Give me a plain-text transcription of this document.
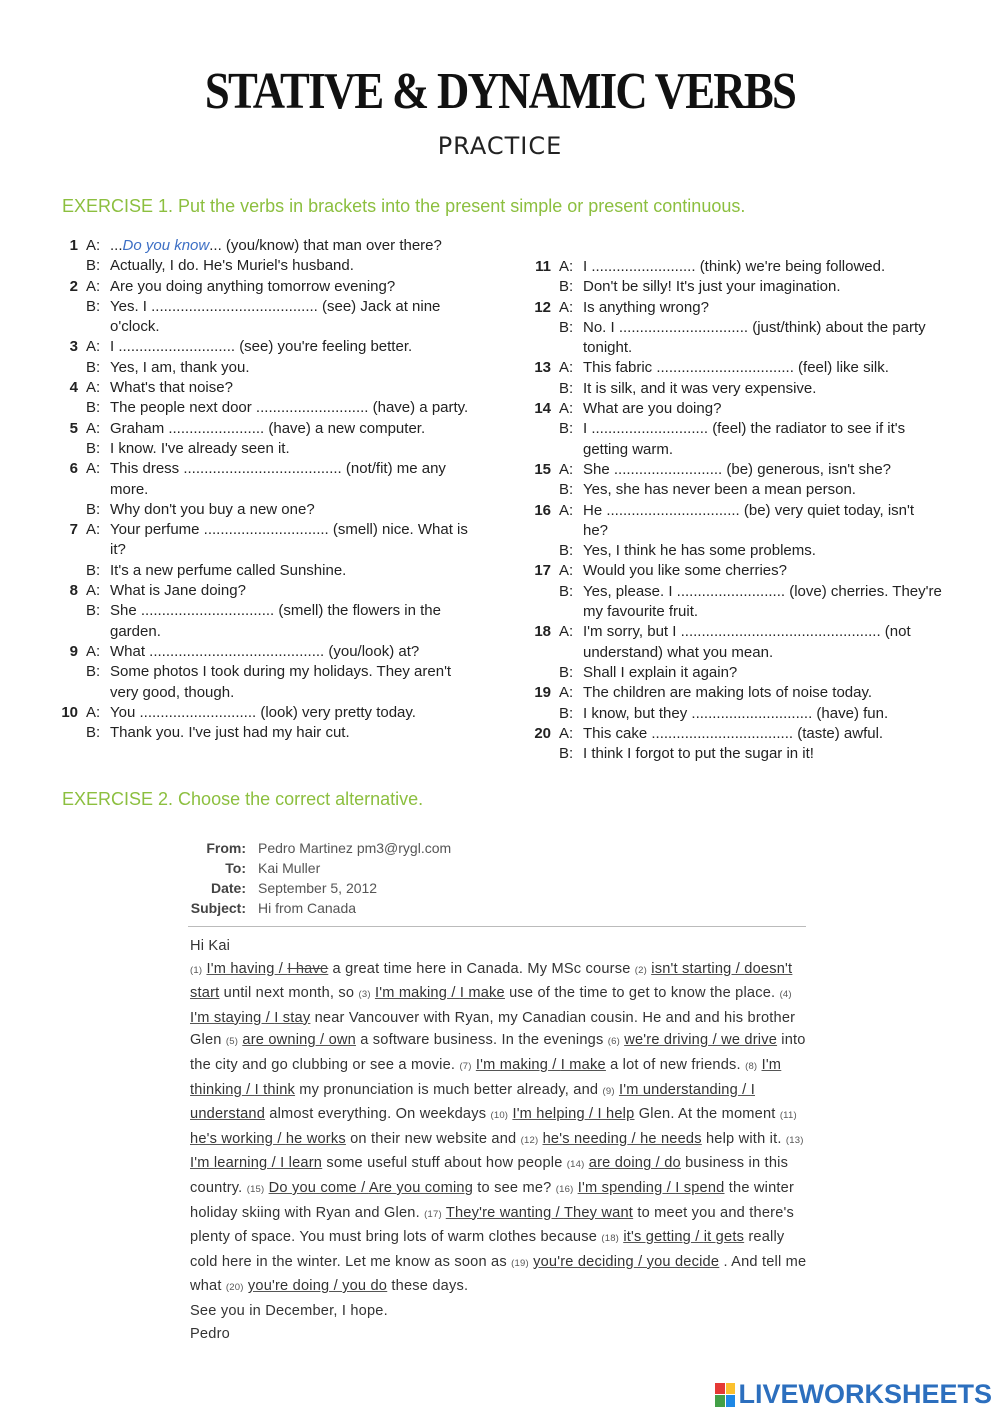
STATIVE & DYNAMIC VERBS
PRACTICE
EXERCISE 1. Put the verbs in brackets into the present simple or present continuous.
1 A: ...Do you know... (you/know) that man over there?
B: Actually, I do. He's Muriel's husband.
2 A: Are you doing anything tomorrow evening?
B: Yes. I ........................................ (see) Jack at nine o'clock.
3 A: I ............................ (see) you're feeling better.
B: Yes, I am, thank you.
4 A: What's that noise?
B: The people next door ........................... (have) a party.
5 A: Graham ....................... (have) a new computer.
B: I know. I've already seen it.
6 A: This dress ...................................... (not/fit) me any more.
B: Why don't you buy a new one?
7 A: Your perfume .............................. (smell) nice. What is it?
B: It's a new perfume called Sunshine.
8 A: What is Jane doing?
B: She ................................ (smell) the flowers in the garden.
9 A: What .......................................... (you/look) at?
B: Some photos I took during my holidays. They aren't very good, though.
10 A: You ............................ (look) very pretty today.
B: Thank you. I've just had my hair cut.
11 A: I ......................... (think) we're being followed.
B: Don't be silly! It's just your imagination.
12 A: Is anything wrong?
B: No. I ............................... (just/think) about the party tonight.
13 A: This fabric ................................. (feel) like silk.
B: It is silk, and it was very expensive.
14 A: What are you doing?
B: I ............................ (feel) the radiator to see if it's getting warm.
15 A: She .......................... (be) generous, isn't she?
B: Yes, she has never been a mean person.
16 A: He ................................ (be) very quiet today, isn't he?
B: Yes, I think he has some problems.
17 A: Would you like some cherries?
B: Yes, please. I .......................... (love) cherries. They're my favourite fruit.
18 A: I'm sorry, but I ................................................ (not understand) what you mean.
B: Shall I explain it again?
19 A: The children are making lots of noise today.
B: I know, but they ............................. (have) fun.
20 A: This cake .................................. (taste) awful.
B: I think I forgot to put the sugar in it!
EXERCISE 2. Choose the correct alternative.
From: Pedro Martinez pm3@rygl.com
To: Kai Muller
Date: September 5, 2012
Subject: Hi from Canada
Hi Kai
(1) I'm having / I have a great time here in Canada. My MSc course (2) isn't starting / doesn't start until next month, so (3) I'm making / I make use of the time to get to know the place. (4) I'm staying / I stay near Vancouver with Ryan, my Canadian cousin. He and and his brother Glen (5) are owning / own a software business. In the evenings (6) we're driving / we drive into the city and go clubbing or see a movie. (7) I'm making / I make a lot of new friends. (8) I'm thinking / I think my pronunciation is much better already, and (9) I'm understanding / I understand almost everything. On weekdays (10) I'm helping / I help Glen. At the moment (11) he's working / he works on their new website and (12) he's needing / he needs help with it. (13) I'm learning / I learn some useful stuff about how people (14) are doing / do business in this country. (15) Do you come / Are you coming to see me? (16) I'm spending / I spend the winter holiday skiing with Ryan and Glen. (17) They're wanting / They want to meet you and there's plenty of space. You must bring lots of warm clothes because (18) it's getting / it gets really cold here in the winter. Let me know as soon as (19) you're deciding / you decide . And tell me what (20) you're doing / you do these days.
See you in December, I hope.
Pedro
LIVEWORKSHEETS
